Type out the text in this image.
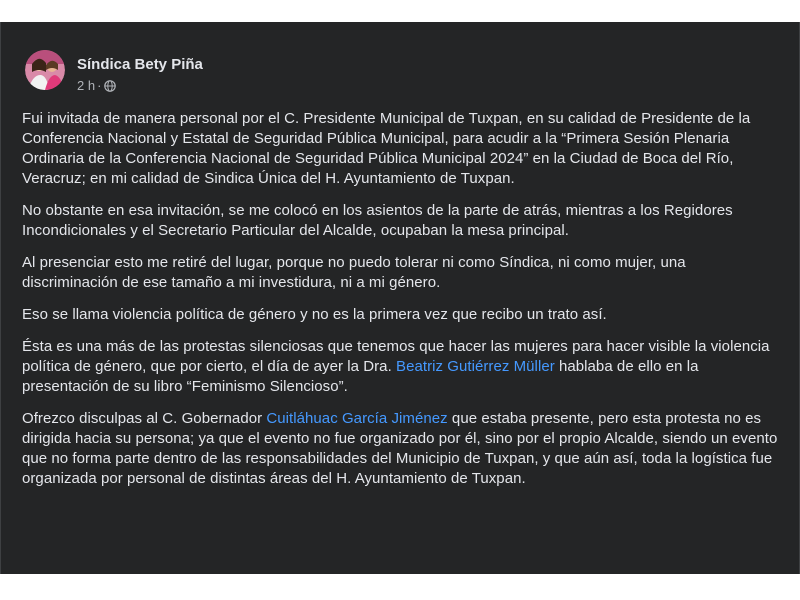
Síndica Bety Piña
2 h ·

Fui invitada de manera personal por el C. Presidente Municipal de Tuxpan, en su calidad de Presidente de la Conferencia Nacional y Estatal de Seguridad Pública Municipal, para acudir a la “Primera Sesión Plenaria Ordinaria de la Conferencia Nacional de Seguridad Pública Municipal 2024” en la Ciudad de Boca del Río, Veracruz; en mi calidad de Sindica Única del H. Ayuntamiento de Tuxpan.

No obstante en esa invitación, se me colocó en los asientos de la parte de atrás, mientras a los Regidores Incondicionales y el Secretario Particular del Alcalde, ocupaban la mesa principal.

Al presenciar esto me retiré del lugar, porque no puedo tolerar ni como Síndica, ni como mujer, una discriminación de ese tamaño a mi investidura, ni a mi género.

Eso se llama violencia política de género y no es la primera vez que recibo un trato así.

Ésta es una más de las protestas silenciosas que tenemos que hacer las mujeres para hacer visible la violencia política de género, que por cierto, el día de ayer la Dra. Beatriz Gutiérrez Müller hablaba de ello en la presentación de su libro “Feminismo Silencioso”.

Ofrezco disculpas al C. Gobernador Cuitláhuac García Jiménez que estaba presente, pero esta protesta no es dirigida hacia su persona; ya que el evento no fue organizado por él, sino por el propio Alcalde, siendo un evento que no forma parte dentro de las responsabilidades del Municipio de Tuxpan, y que aún así, toda la logística fue organizada por personal de distintas áreas del H. Ayuntamiento de Tuxpan.
